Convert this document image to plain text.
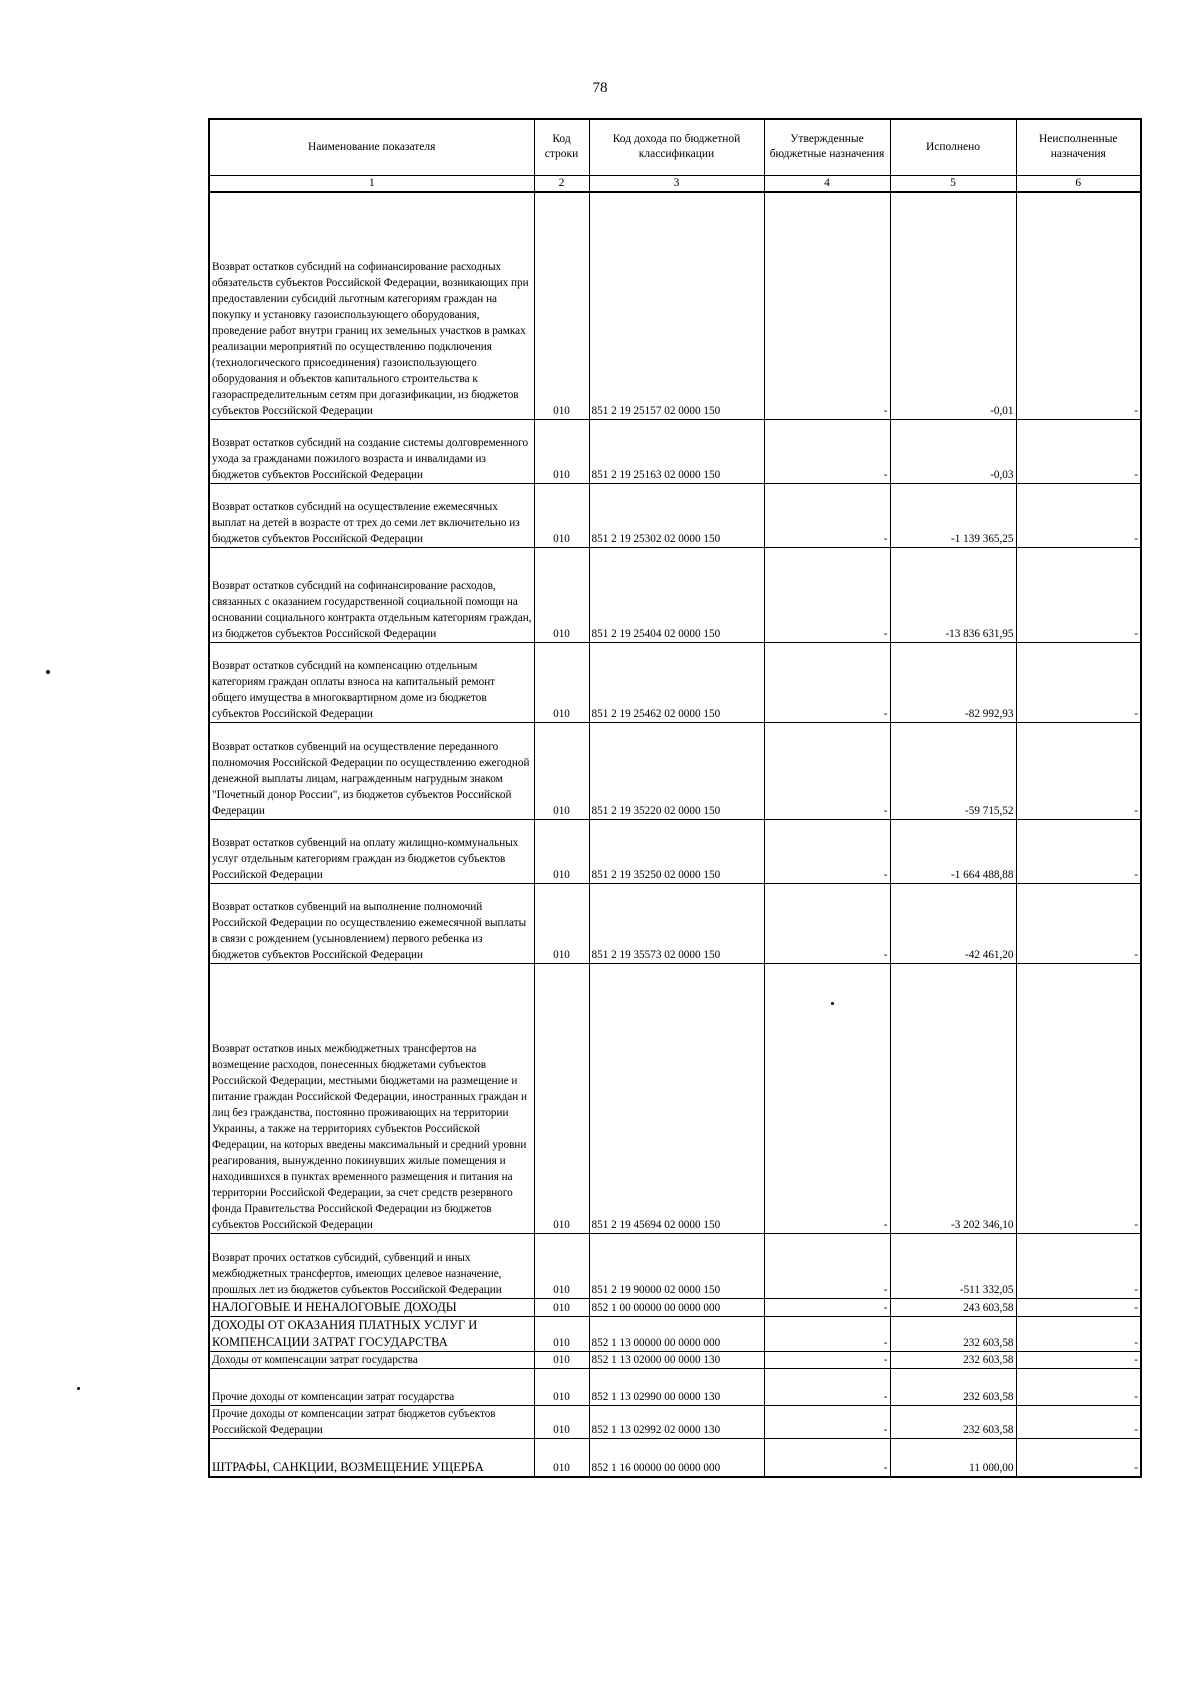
78
Наименование показателя	Код строки	Код дохода по бюджетной классификации	Утвержденные бюджетные назначения	Исполнено	Неисполненные назначения
1	2	3	4	5	6
Возврат остатков субсидий на софинансирование расходных обязательств субъектов Российской Федерации, возникающих при предоставлении субсидий льготным категориям граждан на покупку и установку газоиспользующего оборудования, проведение работ внутри границ их земельных участков в рамках реализации мероприятий по осуществлению подключения (технологического присоединения) газоиспользующего оборудования и объектов капитального строительства к газораспределительным сетям при догазификации, из бюджетов субъектов Российской Федерации	010	851 2 19 25157 02 0000 150	-	-0,01	-
Возврат остатков субсидий на создание системы долговременного ухода за гражданами пожилого возраста и инвалидами из бюджетов субъектов Российской Федерации	010	851 2 19 25163 02 0000 150	-	-0,03	-
Возврат остатков субсидий на осуществление ежемесячных выплат на детей в возрасте от трех до семи лет включительно из бюджетов субъектов Российской Федерации	010	851 2 19 25302 02 0000 150	-	-1 139 365,25	-
Возврат остатков субсидий на софинансирование расходов, связанных с оказанием государственной социальной помощи на основании социального контракта отдельным категориям граждан, из бюджетов субъектов Российской Федерации	010	851 2 19 25404 02 0000 150	-	-13 836 631,95	-
Возврат остатков субсидий на компенсацию отдельным категориям граждан оплаты взноса на капитальный ремонт общего имущества в многоквартирном доме из бюджетов субъектов Российской Федерации	010	851 2 19 25462 02 0000 150	-	-82 992,93	-
Возврат остатков субвенций на осуществление переданного полномочия Российской Федерации по осуществлению ежегодной денежной выплаты лицам, награжденным нагрудным знаком "Почетный донор России", из бюджетов субъектов Российской Федерации	010	851 2 19 35220 02 0000 150	-	-59 715,52	-
Возврат остатков субвенций на оплату жилищно-коммунальных услуг отдельным категориям граждан из бюджетов субъектов Российской Федерации	010	851 2 19 35250 02 0000 150	-	-1 664 488,88	-
Возврат остатков субвенций на выполнение полномочий Российской Федерации по осуществлению ежемесячной выплаты в связи с рождением (усыновлением) первого ребенка из бюджетов субъектов Российской Федерации	010	851 2 19 35573 02 0000 150	-	-42 461,20	-
Возврат остатков иных межбюджетных трансфертов на возмещение расходов, понесенных бюджетами субъектов Российской Федерации, местными бюджетами на размещение и питание граждан Российской Федерации, иностранных граждан и лиц без гражданства, постоянно проживающих на территории Украины, а также на территориях субъектов Российской Федерации, на которых введены максимальный и средний уровни реагирования, вынужденно покинувших жилые помещения и находившихся в пунктах временного размещения и питания на территории Российской Федерации, за счет средств резервного фонда Правительства Российской Федерации из бюджетов субъектов Российской Федерации	010	851 2 19 45694 02 0000 150	-	-3 202 346,10	-
Возврат прочих остатков субсидий, субвенций и иных межбюджетных трансфертов, имеющих целевое назначение, прошлых лет из бюджетов субъектов Российской Федерации	010	851 2 19 90000 02 0000 150	-	-511 332,05	-
НАЛОГОВЫЕ И НЕНАЛОГОВЫЕ ДОХОДЫ	010	852 1 00 00000 00 0000 000	-	243 603,58	-
ДОХОДЫ ОТ ОКАЗАНИЯ ПЛАТНЫХ УСЛУГ И КОМПЕНСАЦИИ ЗАТРАТ ГОСУДАРСТВА	010	852 1 13 00000 00 0000 000	-	232 603,58	-
Доходы от компенсации затрат государства	010	852 1 13 02000 00 0000 130	-	232 603,58	-
Прочие доходы от компенсации затрат государства	010	852 1 13 02990 00 0000 130	-	232 603,58	-
Прочие доходы от компенсации затрат бюджетов субъектов Российской Федерации	010	852 1 13 02992 02 0000 130	-	232 603,58	-
ШТРАФЫ, САНКЦИИ, ВОЗМЕЩЕНИЕ УЩЕРБА	010	852 1 16 00000 00 0000 000	-	11 000,00	-
